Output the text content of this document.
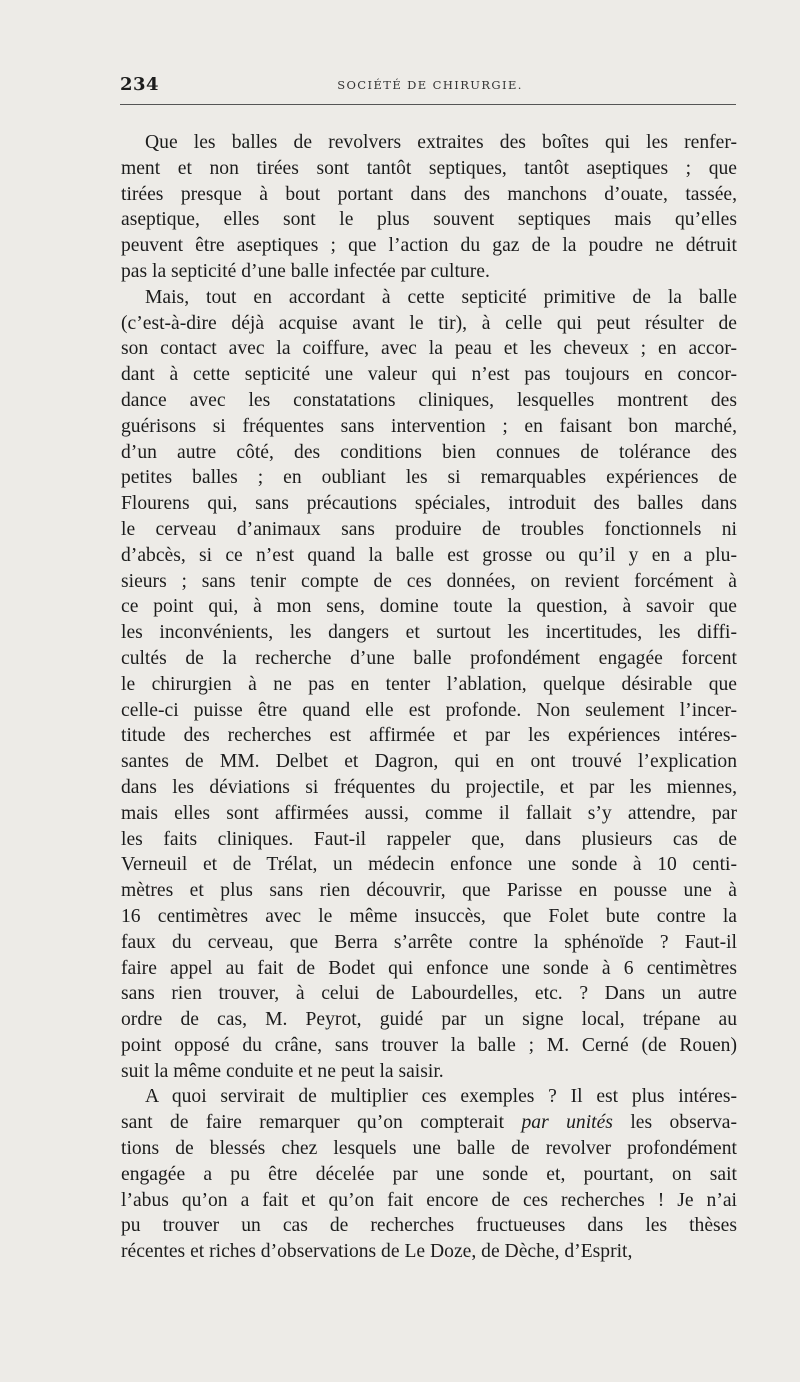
234	SOCIÉTÉ DE CHIRURGIE.
Que les balles de revolvers extraites des boîtes qui les renfer-
ment et non tirées sont tantôt septiques, tantôt aseptiques ; que
tirées presque à bout portant dans des manchons d’ouate, tassée,
aseptique, elles sont le plus souvent septiques mais qu’elles
peuvent être aseptiques ; que l’action du gaz de la poudre ne détruit
pas la septicité d’une balle infectée par culture.
Mais, tout en accordant à cette septicité primitive de la balle
(c’est-à-dire déjà acquise avant le tir), à celle qui peut résulter de
son contact avec la coiffure, avec la peau et les cheveux ; en accor-
dant à cette septicité une valeur qui n’est pas toujours en concor-
dance avec les constatations cliniques, lesquelles montrent des
guérisons si fréquentes sans intervention ; en faisant bon marché,
d’un autre côté, des conditions bien connues de tolérance des
petites balles ; en oubliant les si remarquables expériences de
Flourens qui, sans précautions spéciales, introduit des balles dans
le cerveau d’animaux sans produire de troubles fonctionnels ni
d’abcès, si ce n’est quand la balle est grosse ou qu’il y en a plu-
sieurs ; sans tenir compte de ces données, on revient forcément à
ce point qui, à mon sens, domine toute la question, à savoir que
les inconvénients, les dangers et surtout les incertitudes, les diffi-
cultés de la recherche d’une balle profondément engagée forcent
le chirurgien à ne pas en tenter l’ablation, quelque désirable que
celle-ci puisse être quand elle est profonde. Non seulement l’incer-
titude des recherches est affirmée et par les expériences intéres-
santes de MM. Delbet et Dagron, qui en ont trouvé l’explication
dans les déviations si fréquentes du projectile, et par les miennes,
mais elles sont affirmées aussi, comme il fallait s’y attendre, par
les faits cliniques. Faut-il rappeler que, dans plusieurs cas de
Verneuil et de Trélat, un médecin enfonce une sonde à 10 centi-
mètres et plus sans rien découvrir, que Parisse en pousse une à
16 centimètres avec le même insuccès, que Folet bute contre la
faux du cerveau, que Berra s’arrête contre la sphénoïde ? Faut-il
faire appel au fait de Bodet qui enfonce une sonde à 6 centimètres
sans rien trouver, à celui de Labourdelles, etc. ? Dans un autre
ordre de cas, M. Peyrot, guidé par un signe local, trépane au
point opposé du crâne, sans trouver la balle ; M. Cerné (de Rouen)
suit la même conduite et ne peut la saisir.
A quoi servirait de multiplier ces exemples ? Il est plus intéres-
sant de faire remarquer qu’on compterait par unités les observa-
tions de blessés chez lesquels une balle de revolver profondément
engagée a pu être décelée par une sonde et, pourtant, on sait
l’abus qu’on a fait et qu’on fait encore de ces recherches ! Je n’ai
pu trouver un cas de recherches fructueuses dans les thèses
récentes et riches d’observations de Le Doze, de Dèche, d’Esprit,
